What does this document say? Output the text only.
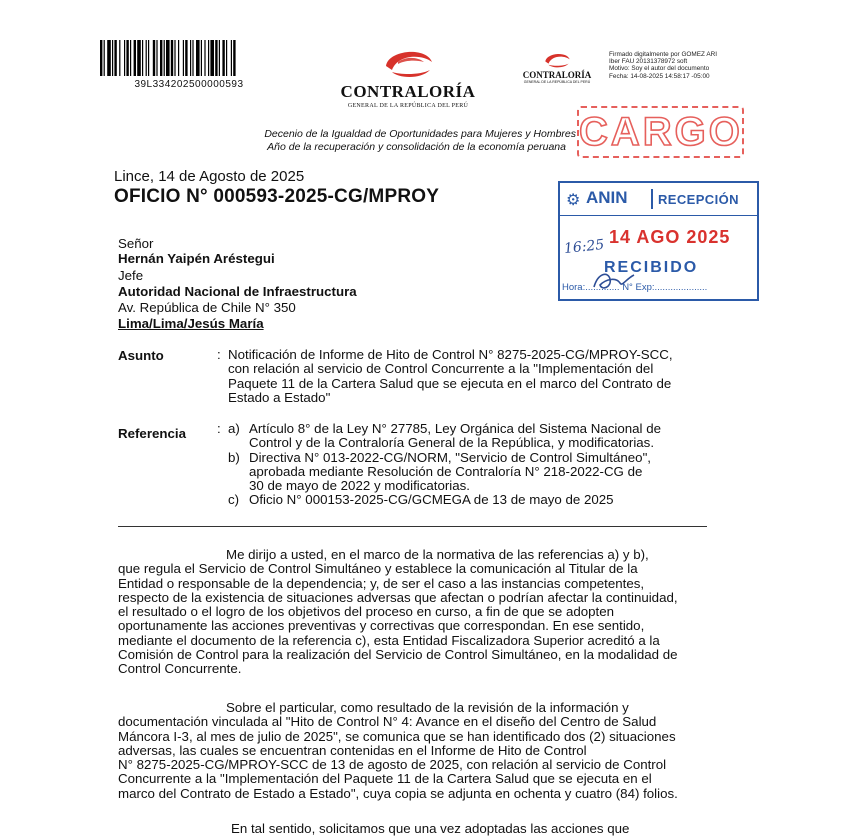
39L334202500000593	CONTRALORÍA
GENERAL DE LA REPÚBLICA DEL PERÚ
CONTRALORÍA
GENERAL DE LA REPÚBLICA DEL PERÚ
Firmado digitalmente por GOMEZ ARI
Iber FAU 20131378972 soft
Motivo: Soy el autor del documento
Fecha: 14-08-2025 14:58:17 -05:00
Decenio de la Igualdad de Oportunidades para Mujeres y Hombres
Año de la recuperación y consolidación de la economía peruana CARGO
Lince, 14 de Agosto de 2025
OFICIO N° 000593-2025-CG/MPROY	⚙ ANIN RECEPCIÓN
16:25 14 AGO 2025
RECIBIDO
Hora:............. N° Exp:....................
Señor
Hernán Yaipén Aréstegui
Jefe
Autoridad Nacional de Infraestructura
Av. República de Chile N° 350
Lima/Lima/Jesús María
Asunto	: Notificación de Informe de Hito de Control N° 8275-2025-CG/MPROY-SCC,
con relación al servicio de Control Concurrente a la "Implementación del
Paquete 11 de la Cartera Salud que se ejecuta en el marco del Contrato de
Estado a Estado"
Referencia : a) Artículo 8° de la Ley N° 27785, Ley Orgánica del Sistema Nacional de
Control y de la Contraloría General de la República, y modificatorias.
b) Directiva N° 013-2022-CG/NORM, "Servicio de Control Simultáneo",
aprobada mediante Resolución de Contraloría N° 218-2022-CG de
30 de mayo de 2022 y modificatorias.
c) Oficio N° 000153-2025-CG/GCMEGA de 13 de mayo de 2025
Me dirijo a usted, en el marco de la normativa de las referencias a) y b),
que regula el Servicio de Control Simultáneo y establece la comunicación al Titular de la
Entidad o responsable de la dependencia; y, de ser el caso a las instancias competentes,
respecto de la existencia de situaciones adversas que afectan o podrían afectar la continuidad,
el resultado o el logro de los objetivos del proceso en curso, a fin de que se adopten
oportunamente las acciones preventivas y correctivas que correspondan. En ese sentido,
mediante el documento de la referencia c), esta Entidad Fiscalizadora Superior acreditó a la
Comisión de Control para la realización del Servicio de Control Simultáneo, en la modalidad de
Control Concurrente.
Sobre el particular, como resultado de la revisión de la información y
documentación vinculada al "Hito de Control N° 4: Avance en el diseño del Centro de Salud
Máncora I-3, al mes de julio de 2025", se comunica que se han identificado dos (2) situaciones
adversas, las cuales se encuentran contenidas en el Informe de Hito de Control
N° 8275-2025-CG/MPROY-SCC de 13 de agosto de 2025, con relación al servicio de Control
Concurrente a la "Implementación del Paquete 11 de la Cartera Salud que se ejecuta en el
marco del Contrato de Estado a Estado", cuya copia se adjunta en ochenta y cuatro (84) folios.
En tal sentido, solicitamos que una vez adoptadas las acciones que
